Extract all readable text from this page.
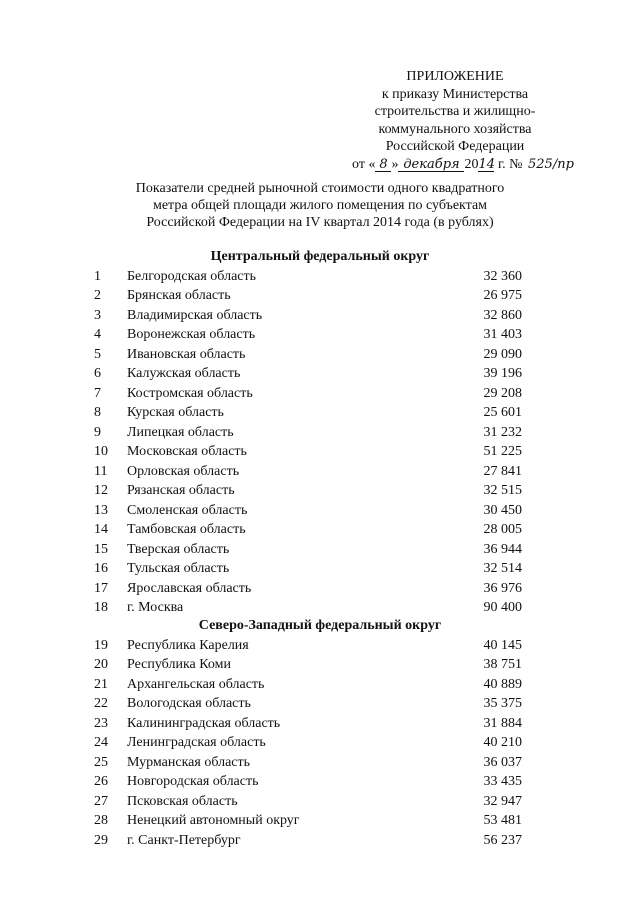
ПРИЛОЖЕНИЕ
к приказу Министерства
строительства и жилищно-
коммунального хозяйства
Российской Федерации
от « 8 » декабря 2014 г. № 525/пр
Показатели средней рыночной стоимости одного квадратного
метра общей площади жилого помещения по субъектам
Российской Федерации на IV квартал 2014 года (в рублях)
Центральный федеральный округ
1	Белгородская область	32 360
2	Брянская область	26 975
3	Владимирская область	32 860
4	Воронежская область	31 403
5	Ивановская область	29 090
6	Калужская область	39 196
7	Костромская область	29 208
8	Курская область	25 601
9	Липецкая область	31 232
10	Московская область	51 225
11	Орловская область	27 841
12	Рязанская область	32 515
13	Смоленская область	30 450
14	Тамбовская область	28 005
15	Тверская область	36 944
16	Тульская область	32 514
17	Ярославская область	36 976
18	г. Москва	90 400
Северо-Западный федеральный округ
19	Республика Карелия	40 145
20	Республика Коми	38 751
21	Архангельская область	40 889
22	Вологодская область	35 375
23	Калининградская область	31 884
24	Ленинградская область	40 210
25	Мурманская область	36 037
26	Новгородская область	33 435
27	Псковская область	32 947
28	Ненецкий автономный округ	53 481
29	г. Санкт-Петербург	56 237
